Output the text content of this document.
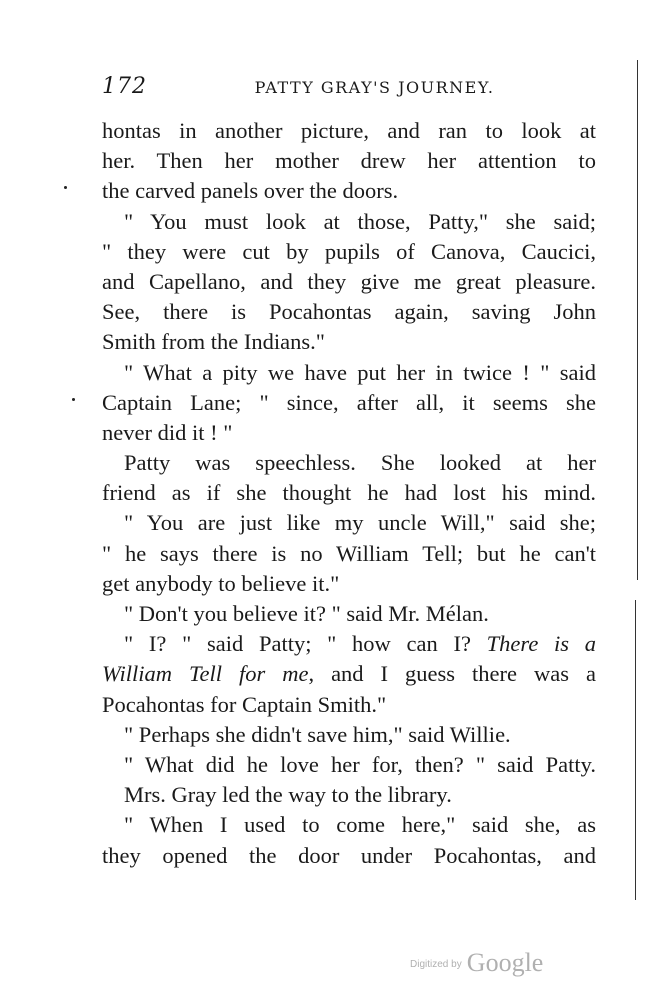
172	PATTY GRAY'S JOURNEY.
hontas in another picture, and ran to look at
her. Then her mother drew her attention to
the carved panels over the doors.
" You must look at those, Patty," she said;
" they were cut by pupils of Canova, Caucici,
and Capellano, and they give me great pleasure.
See, there is Pocahontas again, saving John
Smith from the Indians."
" What a pity we have put her in twice ! " said
Captain Lane; " since, after all, it seems she
never did it ! "
Patty was speechless. She looked at her
friend as if she thought he had lost his mind.
" You are just like my uncle Will," said she;
" he says there is no William Tell; but he can't
get anybody to believe it."
" Don't you believe it? " said Mr. Mélan.
" I? " said Patty; " how can I? There is a
William Tell for me, and I guess there was a
Pocahontas for Captain Smith."
" Perhaps she didn't save him," said Willie.
" What did he love her for, then? " said Patty.
Mrs. Gray led the way to the library.
" When I used to come here," said she, as
they opened the door under Pocahontas, and
$^{Digitized by}$ Google
